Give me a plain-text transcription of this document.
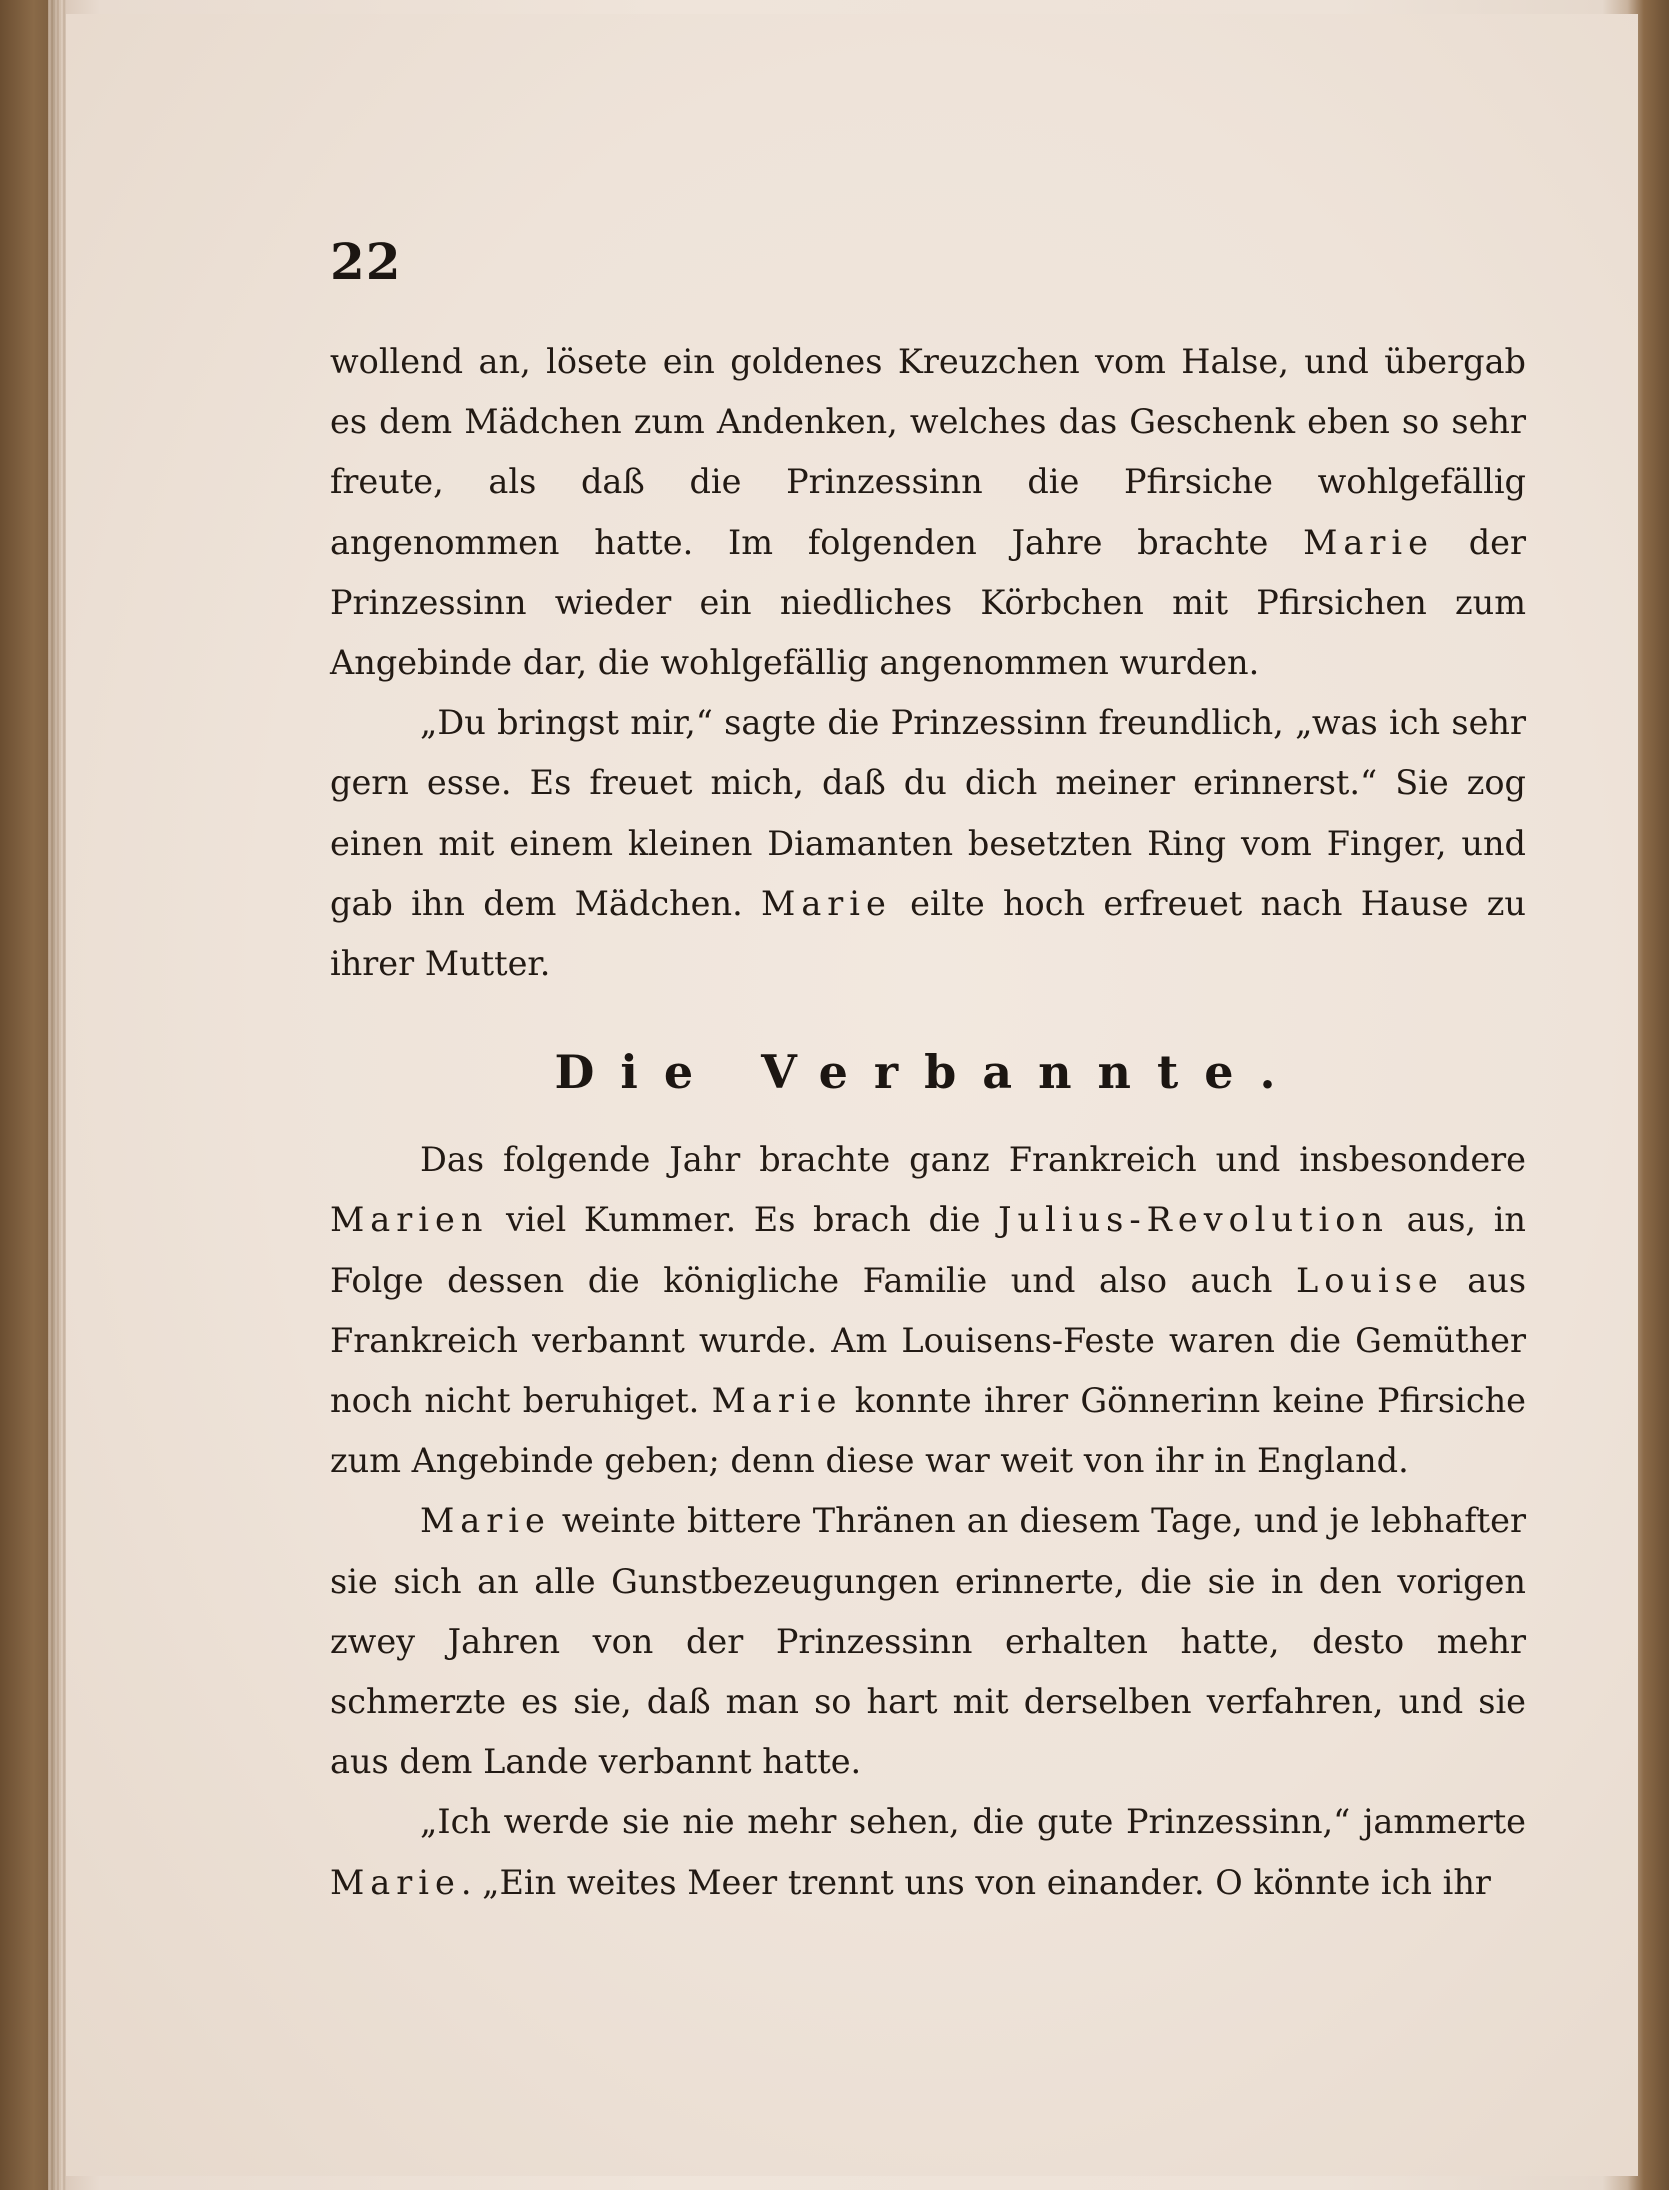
22

wollend an, lösete ein goldenes Kreuzchen vom Halse, und übergab es dem Mädchen zum Andenken, welches das Geschenk eben so sehr freute, als daß die Prinzessinn die Pfirsiche wohlgefällig angenommen hatte. Im folgenden Jahre brachte Marie der Prinzessinn wieder ein niedliches Körbchen mit Pfirsichen zum Angebinde dar, die wohlgefällig angenommen wurden.

„Du bringst mir,“ sagte die Prinzessinn freundlich, „was ich sehr gern esse. Es freuet mich, daß du dich meiner erinnerst.“ Sie zog einen mit einem kleinen Diamanten besetzten Ring vom Finger, und gab ihn dem Mädchen. Marie eilte hoch erfreuet nach Hause zu ihrer Mutter.

Die Verbannte.

Das folgende Jahr brachte ganz Frankreich und insbesondere Marien viel Kummer. Es brach die Julius-Revolution aus, in Folge dessen die königliche Familie und also auch Louise aus Frankreich verbannt wurde. Am Louisens-Feste waren die Gemüther noch nicht beruhiget. Marie konnte ihrer Gönnerinn keine Pfirsiche zum Angebinde geben; denn diese war weit von ihr in England.

Marie weinte bittere Thränen an diesem Tage, und je lebhafter sie sich an alle Gunstbezeugungen erinnerte, die sie in den vorigen zwey Jahren von der Prinzessinn erhalten hatte, desto mehr schmerzte es sie, daß man so hart mit derselben verfahren, und sie aus dem Lande verbannt hatte.

„Ich werde sie nie mehr sehen, die gute Prinzessinn,“ jammerte Marie. „Ein weites Meer trennt uns von einander. O könnte ich ihr
